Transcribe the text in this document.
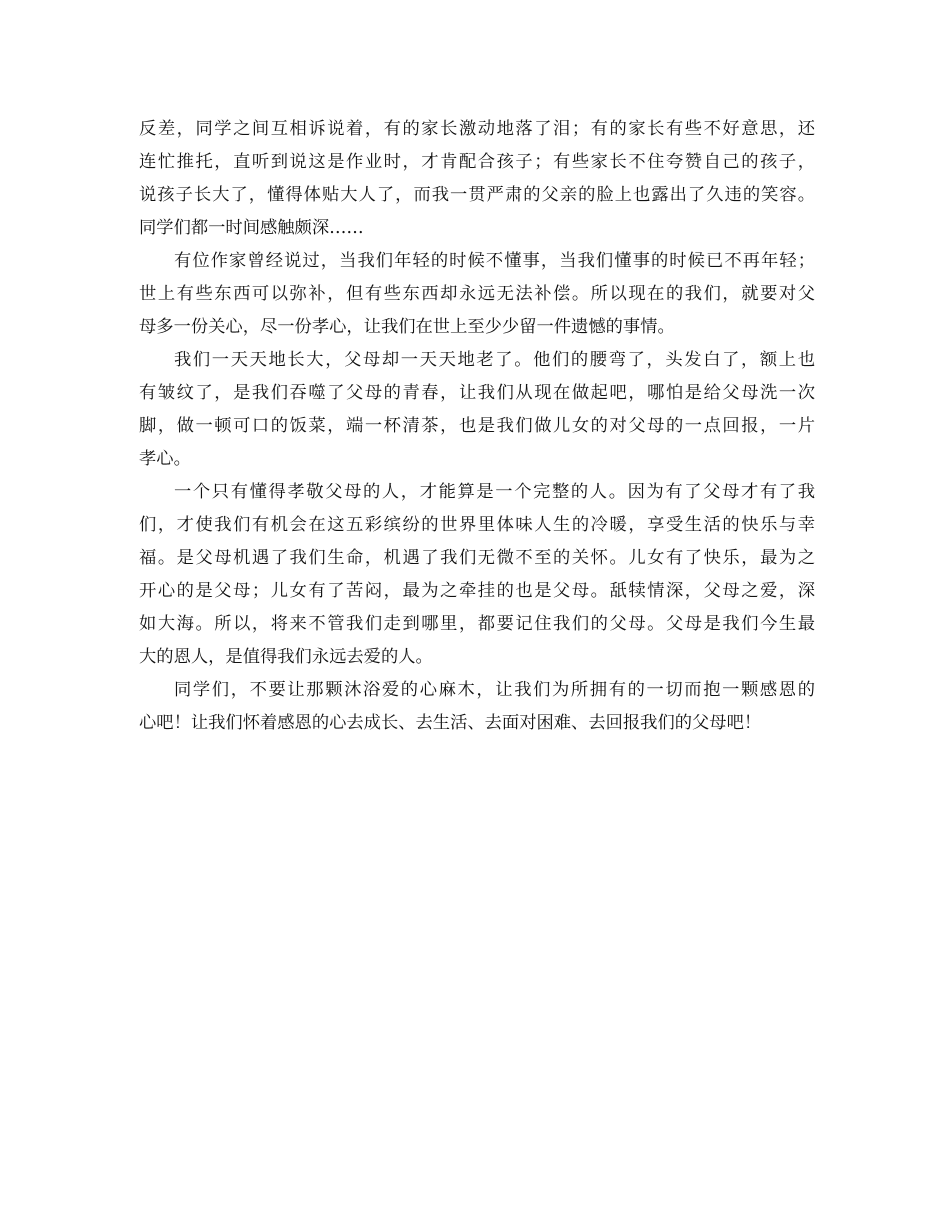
反差，同学之间互相诉说着，有的家长激动地落了泪；有的家长有些不好意思，还
连忙推托，直听到说这是作业时，才肯配合孩子；有些家长不住夸赞自己的孩子，
说孩子长大了，懂得体贴大人了，而我一贯严肃的父亲的脸上也露出了久违的笑容。
同学们都一时间感触颇深……
有位作家曾经说过，当我们年轻的时候不懂事，当我们懂事的时候已不再年轻；
世上有些东西可以弥补，但有些东西却永远无法补偿。所以现在的我们，就要对父
母多一份关心，尽一份孝心，让我们在世上至少少留一件遗憾的事情。
我们一天天地长大，父母却一天天地老了。他们的腰弯了，头发白了，额上也
有皱纹了，是我们吞噬了父母的青春，让我们从现在做起吧，哪怕是给父母洗一次
脚，做一顿可口的饭菜，端一杯清茶，也是我们做儿女的对父母的一点回报，一片
孝心。
一个只有懂得孝敬父母的人，才能算是一个完整的人。因为有了父母才有了我
们，才使我们有机会在这五彩缤纷的世界里体味人生的冷暖，享受生活的快乐与幸
福。是父母机遇了我们生命，机遇了我们无微不至的关怀。儿女有了快乐，最为之
开心的是父母；儿女有了苦闷，最为之牵挂的也是父母。舐犊情深，父母之爱，深
如大海。所以，将来不管我们走到哪里，都要记住我们的父母。父母是我们今生最
大的恩人，是值得我们永远去爱的人。
同学们，不要让那颗沐浴爱的心麻木，让我们为所拥有的一切而抱一颗感恩的
心吧！让我们怀着感恩的心去成长、去生活、去面对困难、去回报我们的父母吧！
